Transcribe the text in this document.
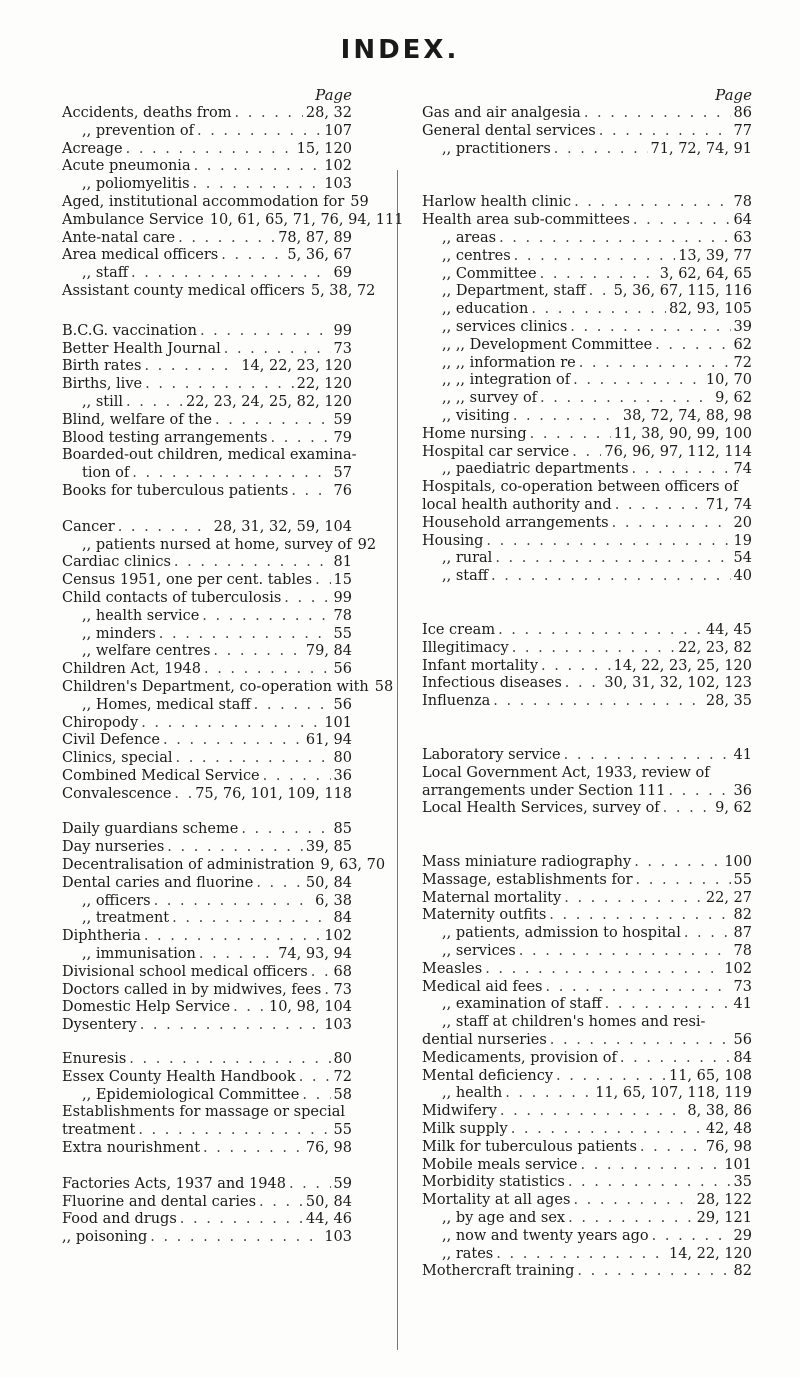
INDEX.
Page
Accidents, deaths from . . .	28, 32
,, prevention of . . .	107
Acreage . . .	15, 120
Acute pneumonia . . .	102
,, poliomyelitis . . .	103
Aged, institutional accommodation for 59
Ambulance Service 10, 61, 65, 71, 76, 94, 111
Ante-natal care . . .	78, 87, 89
Area medical officers . . .	5, 36, 67
,, staff . . .	69
Assistant county medical officers 5, 38, 72
B.C.G. vaccination . . .	99
Better Health Journal . . .	73
Birth rates . . .	14, 22, 23, 120
Births, live . . .	22, 120
,, still . . .	22, 23, 24, 25, 82, 120
Blind, welfare of the . . .	59
Blood testing arrangements . . .	79
Boarded-out children, medical examina-
tion of . . .	57
Books for tuberculous patients . . .	76
Cancer . . .	28, 31, 32, 59, 104
,, patients nursed at home, survey of 92
Cardiac clinics . . .	81
Census 1951, one per cent. tables . . . 15
Child contacts of tuberculosis . . .	99
,, health service . . .	78
,, minders . . .	55
,, welfare centres . . .	79, 84
Children Act, 1948 . . .	56
Children's Department, co-operation with 58
,, Homes, medical staff . . .	56
Chiropody . . .	101
Civil Defence . . .	61, 94
Clinics, special . . .	80
Combined Medical Service . . .	36
Convalescence . . . 75, 76, 101, 109, 118
Daily guardians scheme . . .	85
Day nurseries . . .	39, 85
Decentralisation of administration 9, 63, 70
Dental caries and fluorine . . .	50, 84
,, officers . . .	6, 38
,, treatment . . .	84
Diphtheria . . .	102
,, immunisation . . .	74, 93, 94
Divisional school medical officers . . . 68
Doctors called in by midwives, fees . . . 73
Domestic Help Service . . .	10, 98, 104
Dysentery . . .	103
Enuresis . . .	80
Essex County Health Handbook . . .	72
,, Epidemiological Committee . . . 58
Establishments for massage or special
treatment . . .	55
Extra nourishment . . .	76, 98
Factories Acts, 1937 and 1948 . . .	59
Fluorine and dental caries . . .	50, 84
Food and drugs . . .	44, 46
,, poisoning . . .	103
Page
Gas and air analgesia . . .	86
General dental services . . .	77
,, practitioners . . .	71, 72, 74, 91
Harlow health clinic . . .	78
Health area sub-committees . . .	64
,, areas . . .	63
,, centres . . .	13, 39, 77
,, Committee . . .	3, 62, 64, 65
,, Department, staff . . . 5, 36, 67, 115, 116
,, education . . .	82, 93, 105
,, services clinics . . .	39
,, ,, Development Committee . . .	62
,, ,, information re . . .	72
,, ,, integration of . . .	10, 70
,, ,, survey of . . .	9, 62
,, visiting . . .	38, 72, 74, 88, 98
Home nursing . . .	11, 38, 90, 99, 100
Hospital car service . . . 76, 96, 97, 112, 114
,, paediatric departments . . .	74
Hospitals, co-operation between officers of
local health authority and . . .	71, 74
Household arrangements . . .	20
Housing . . .	19
,, rural . . .	54
,, staff . . .	40
Ice cream . . .	44, 45
Illegitimacy . . .	22, 23, 82
Infant mortality . . .	14, 22, 23, 25, 120
Infectious diseases . . .	30, 31, 32, 102, 123
Influenza . . .	28, 35
Laboratory service . . .	41
Local Government Act, 1933, review of
arrangements under Section 111 . . .	36
Local Health Services, survey of . . .	9, 62
Mass miniature radiography . . .	100
Massage, establishments for . . .	55
Maternal mortality . . .	22, 27
Maternity outfits . . .	82
,, patients, admission to hospital . . .	87
,, services . . .	78
Measles . . .	102
Medical aid fees . . .	73
,, examination of staff . . .	41
,, staff at children's homes and resi-
dential nurseries . . .	56
Medicaments, provision of . . .	84
Mental deficiency . . .	11, 65, 108
,, health . . .	11, 65, 107, 118, 119
Midwifery . . .	8, 38, 86
Milk supply . . .	42, 48
Milk for tuberculous patients . . .	76, 98
Mobile meals service . . .	101
Morbidity statistics . . .	35
Mortality at all ages . . .	28, 122
,, by age and sex . . .	29, 121
,, now and twenty years ago . . .	29
,, rates . . .	14, 22, 120
Mothercraft training . . .	82
